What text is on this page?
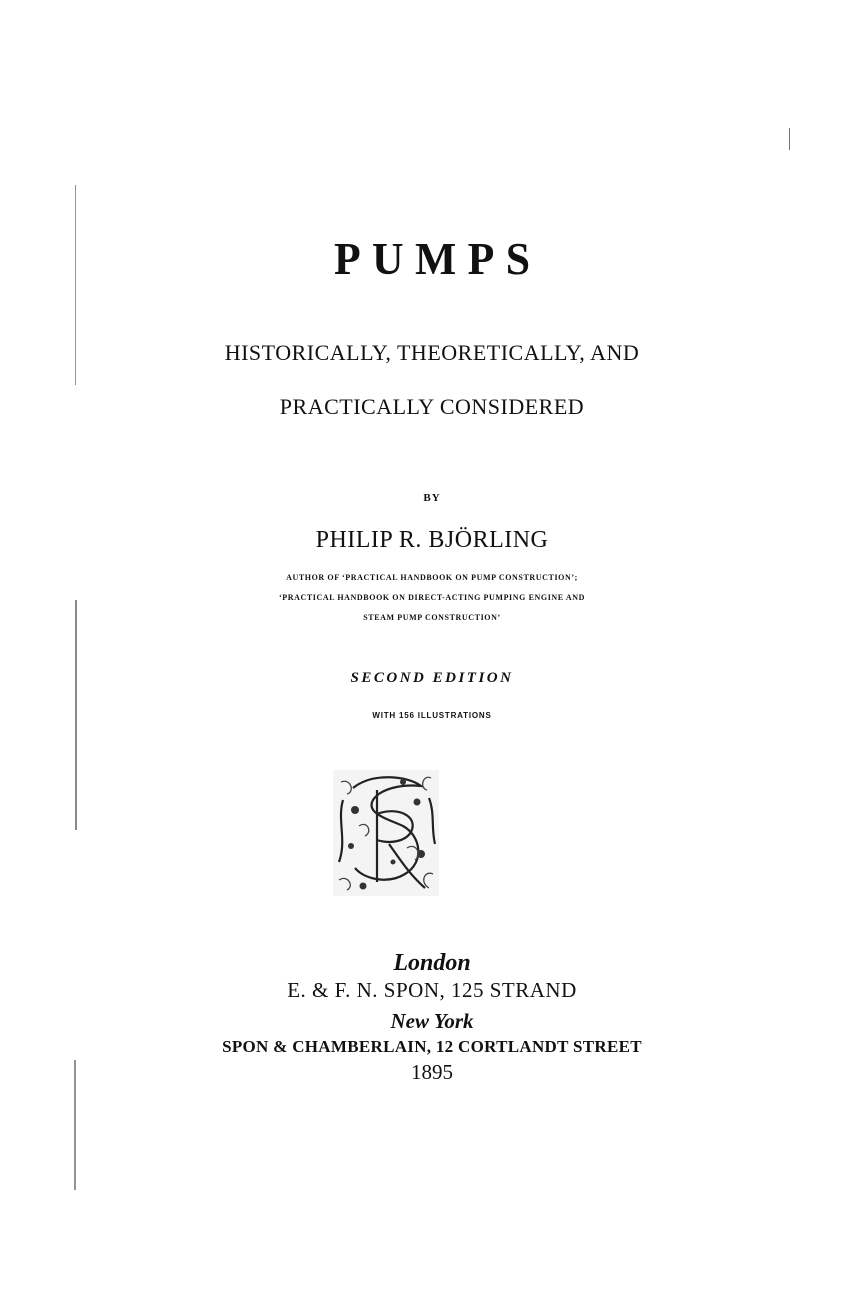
PUMPS

HISTORICALLY, THEORETICALLY, AND

PRACTICALLY CONSIDERED

BY

PHILIP R. BJÖRLING

AUTHOR OF ‘PRACTICAL HANDBOOK ON PUMP CONSTRUCTION’;

‘PRACTICAL HANDBOOK ON DIRECT-ACTING PUMPING ENGINE AND

STEAM PUMP CONSTRUCTION’

SECOND EDITION

WITH 156 ILLUSTRATIONS

London

E. & F. N. SPON, 125 STRAND

New York

SPON & CHAMBERLAIN, 12 CORTLANDT STREET

1895
